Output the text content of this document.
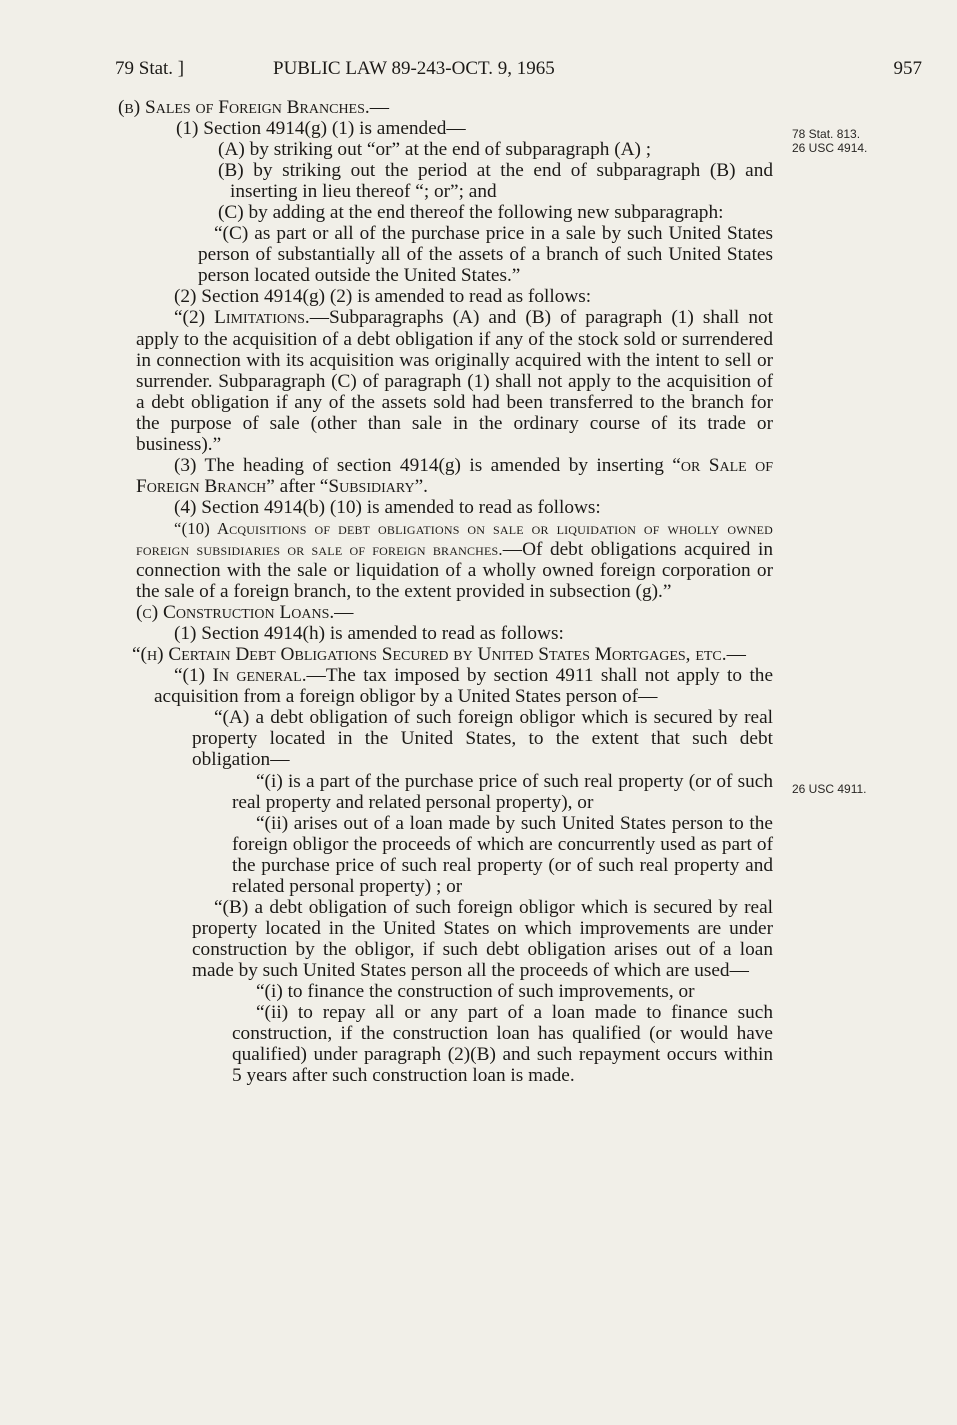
79 Stat. ]	PUBLIC LAW 89-243-OCT. 9, 1965	957
78 Stat. 813.
26 USC 4914.
26 USC 4911.

(b) Sales of Foreign Branches.—

(1) Section 4914(g) (1) is amended—

(A) by striking out “or” at the end of subparagraph (A) ;

(B) by striking out the period at the end of subparagraph (B) and inserting in lieu thereof “; or”; and

(C) by adding at the end thereof the following new subparagraph:

“(C) as part or all of the purchase price in a sale by such United States person of substantially all of the assets of a branch of such United States person located outside the United States.”

(2) Section 4914(g) (2) is amended to read as follows:

“(2) Limitations.—Subparagraphs (A) and (B) of paragraph (1) shall not apply to the acquisition of a debt obligation if any of the stock sold or surrendered in connection with its acquisition was originally acquired with the intent to sell or surrender. Subparagraph (C) of paragraph (1) shall not apply to the acquisition of a debt obligation if any of the assets sold had been transferred to the branch for the purpose of sale (other than sale in the ordinary course of its trade or business).”

(3) The heading of section 4914(g) is amended by inserting “or Sale of Foreign Branch” after “Subsidiary”.

(4) Section 4914(b) (10) is amended to read as follows:

“(10) Acquisitions of debt obligations on sale or liquidation of wholly owned foreign subsidiaries or sale of foreign branches.—Of debt obligations acquired in connection with the sale or liquidation of a wholly owned foreign corporation or the sale of a foreign branch, to the extent provided in subsection (g).”

(c) Construction Loans.—

(1) Section 4914(h) is amended to read as follows:

“(h) Certain Debt Obligations Secured by United States Mortgages, etc.—

“(1) In general.—The tax imposed by section 4911 shall not apply to the acquisition from a foreign obligor by a United States person of—

“(A) a debt obligation of such foreign obligor which is secured by real property located in the United States, to the extent that such debt obligation—

“(i) is a part of the purchase price of such real property (or of such real property and related personal property), or

“(ii) arises out of a loan made by such United States person to the foreign obligor the proceeds of which are concurrently used as part of the purchase price of such real property (or of such real property and related personal property) ; or

“(B) a debt obligation of such foreign obligor which is secured by real property located in the United States on which improvements are under construction by the obligor, if such debt obligation arises out of a loan made by such United States person all the proceeds of which are used—

“(i) to finance the construction of such improvements, or

“(ii) to repay all or any part of a loan made to finance such construction, if the construction loan has qualified (or would have qualified) under paragraph (2)(B) and such repayment occurs within 5 years after such construction loan is made.
